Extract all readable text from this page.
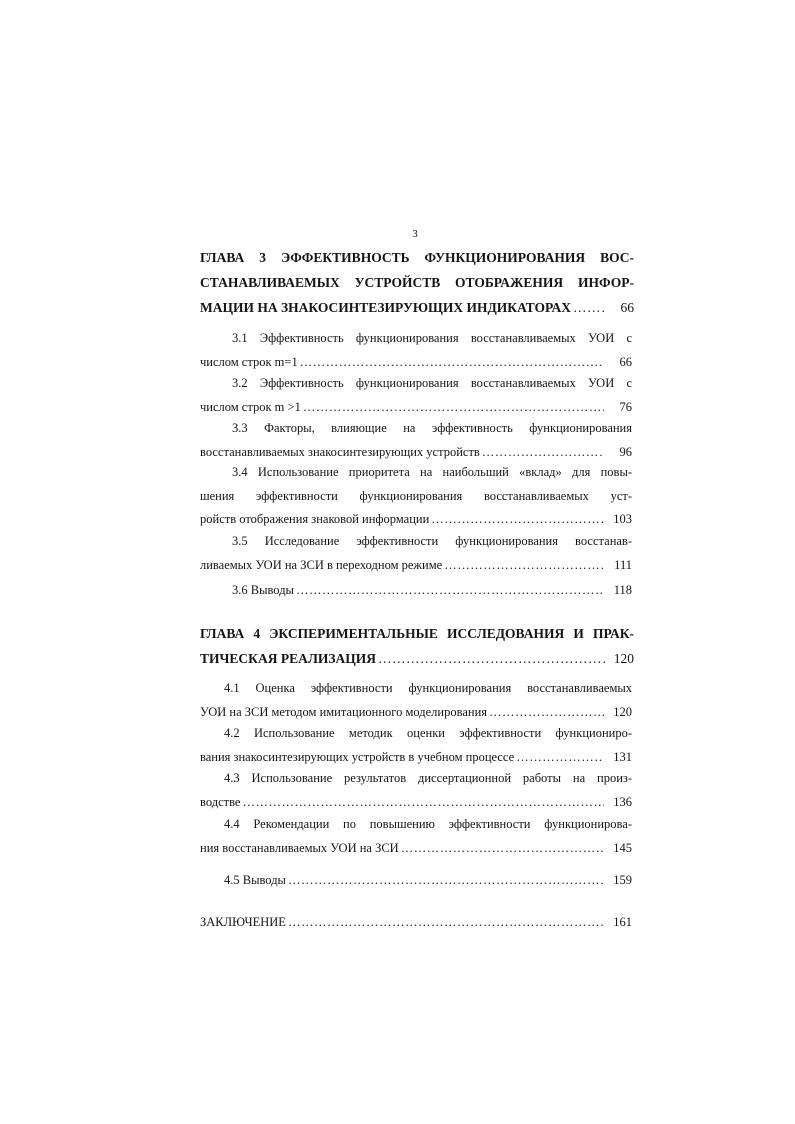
3
ГЛАВА 3 ЭФФЕКТИВНОСТЬ ФУНКЦИОНИРОВАНИЯ ВОС-
СТАНАВЛИВАЕМЫХ УСТРОЙСТВ ОТОБРАЖЕНИЯ ИНФОР-
МАЦИИ НА ЗНАКОСИНТЕЗИРУЮЩИХ ИНДИКАТОРАХ ……………………………………………………………………………………………………………………………………………………	66
3.1 Эффективность функционирования восстанавливаемых УОИ с
числом строк m=1 ……………………………………………………………………………………………………………………………………………………	66
3.2 Эффективность функционирования восстанавливаемых УОИ с
числом строк m >1 ……………………………………………………………………………………………………………………………………………………	76
3.3 Факторы, влияющие на эффективность функционирования
восстанавливаемых знакосинтезирующих устройств ……………………………………………………………………………………………………………………………………………………	96
3.4 Использование приоритета на наибольший «вклад» для повы-
шения эффективности функционирования восстанавливаемых уст-
ройств отображения знаковой информации ……………………………………………………………………………………………………………………………………………………	103
3.5 Исследование эффективности функционирования восстанав-
ливаемых УОИ на ЗСИ в переходном режиме ……………………………………………………………………………………………………………………………………………………	111
3.6 Выводы ……………………………………………………………………………………………………………………………………………………	118
ГЛАВА 4 ЭКСПЕРИМЕНТАЛЬНЫЕ ИССЛЕДОВАНИЯ И ПРАК-
ТИЧЕСКАЯ РЕАЛИЗАЦИЯ ……………………………………………………………………………………………………………………………………………………	120
4.1 Оценка эффективности функционирования восстанавливаемых
УОИ на ЗСИ методом имитационного моделирования ……………………………………………………………………………………………………………………………………………………	120
4.2 Использование методик оценки эффективности функциониро-
вания знакосинтезирующих устройств в учебном процессе ……………………………………………………………………………………………………………………………………………………	131
4.3 Использование результатов диссертационной работы на произ-
водстве ……………………………………………………………………………………………………………………………………………………	136
4.4 Рекомендации по повышению эффективности функционирова-
ния восстанавливаемых УОИ на ЗСИ ……………………………………………………………………………………………………………………………………………………	145
4.5 Выводы ……………………………………………………………………………………………………………………………………………………	159
ЗАКЛЮЧЕНИЕ ……………………………………………………………………………………………………………………………………………………	161
